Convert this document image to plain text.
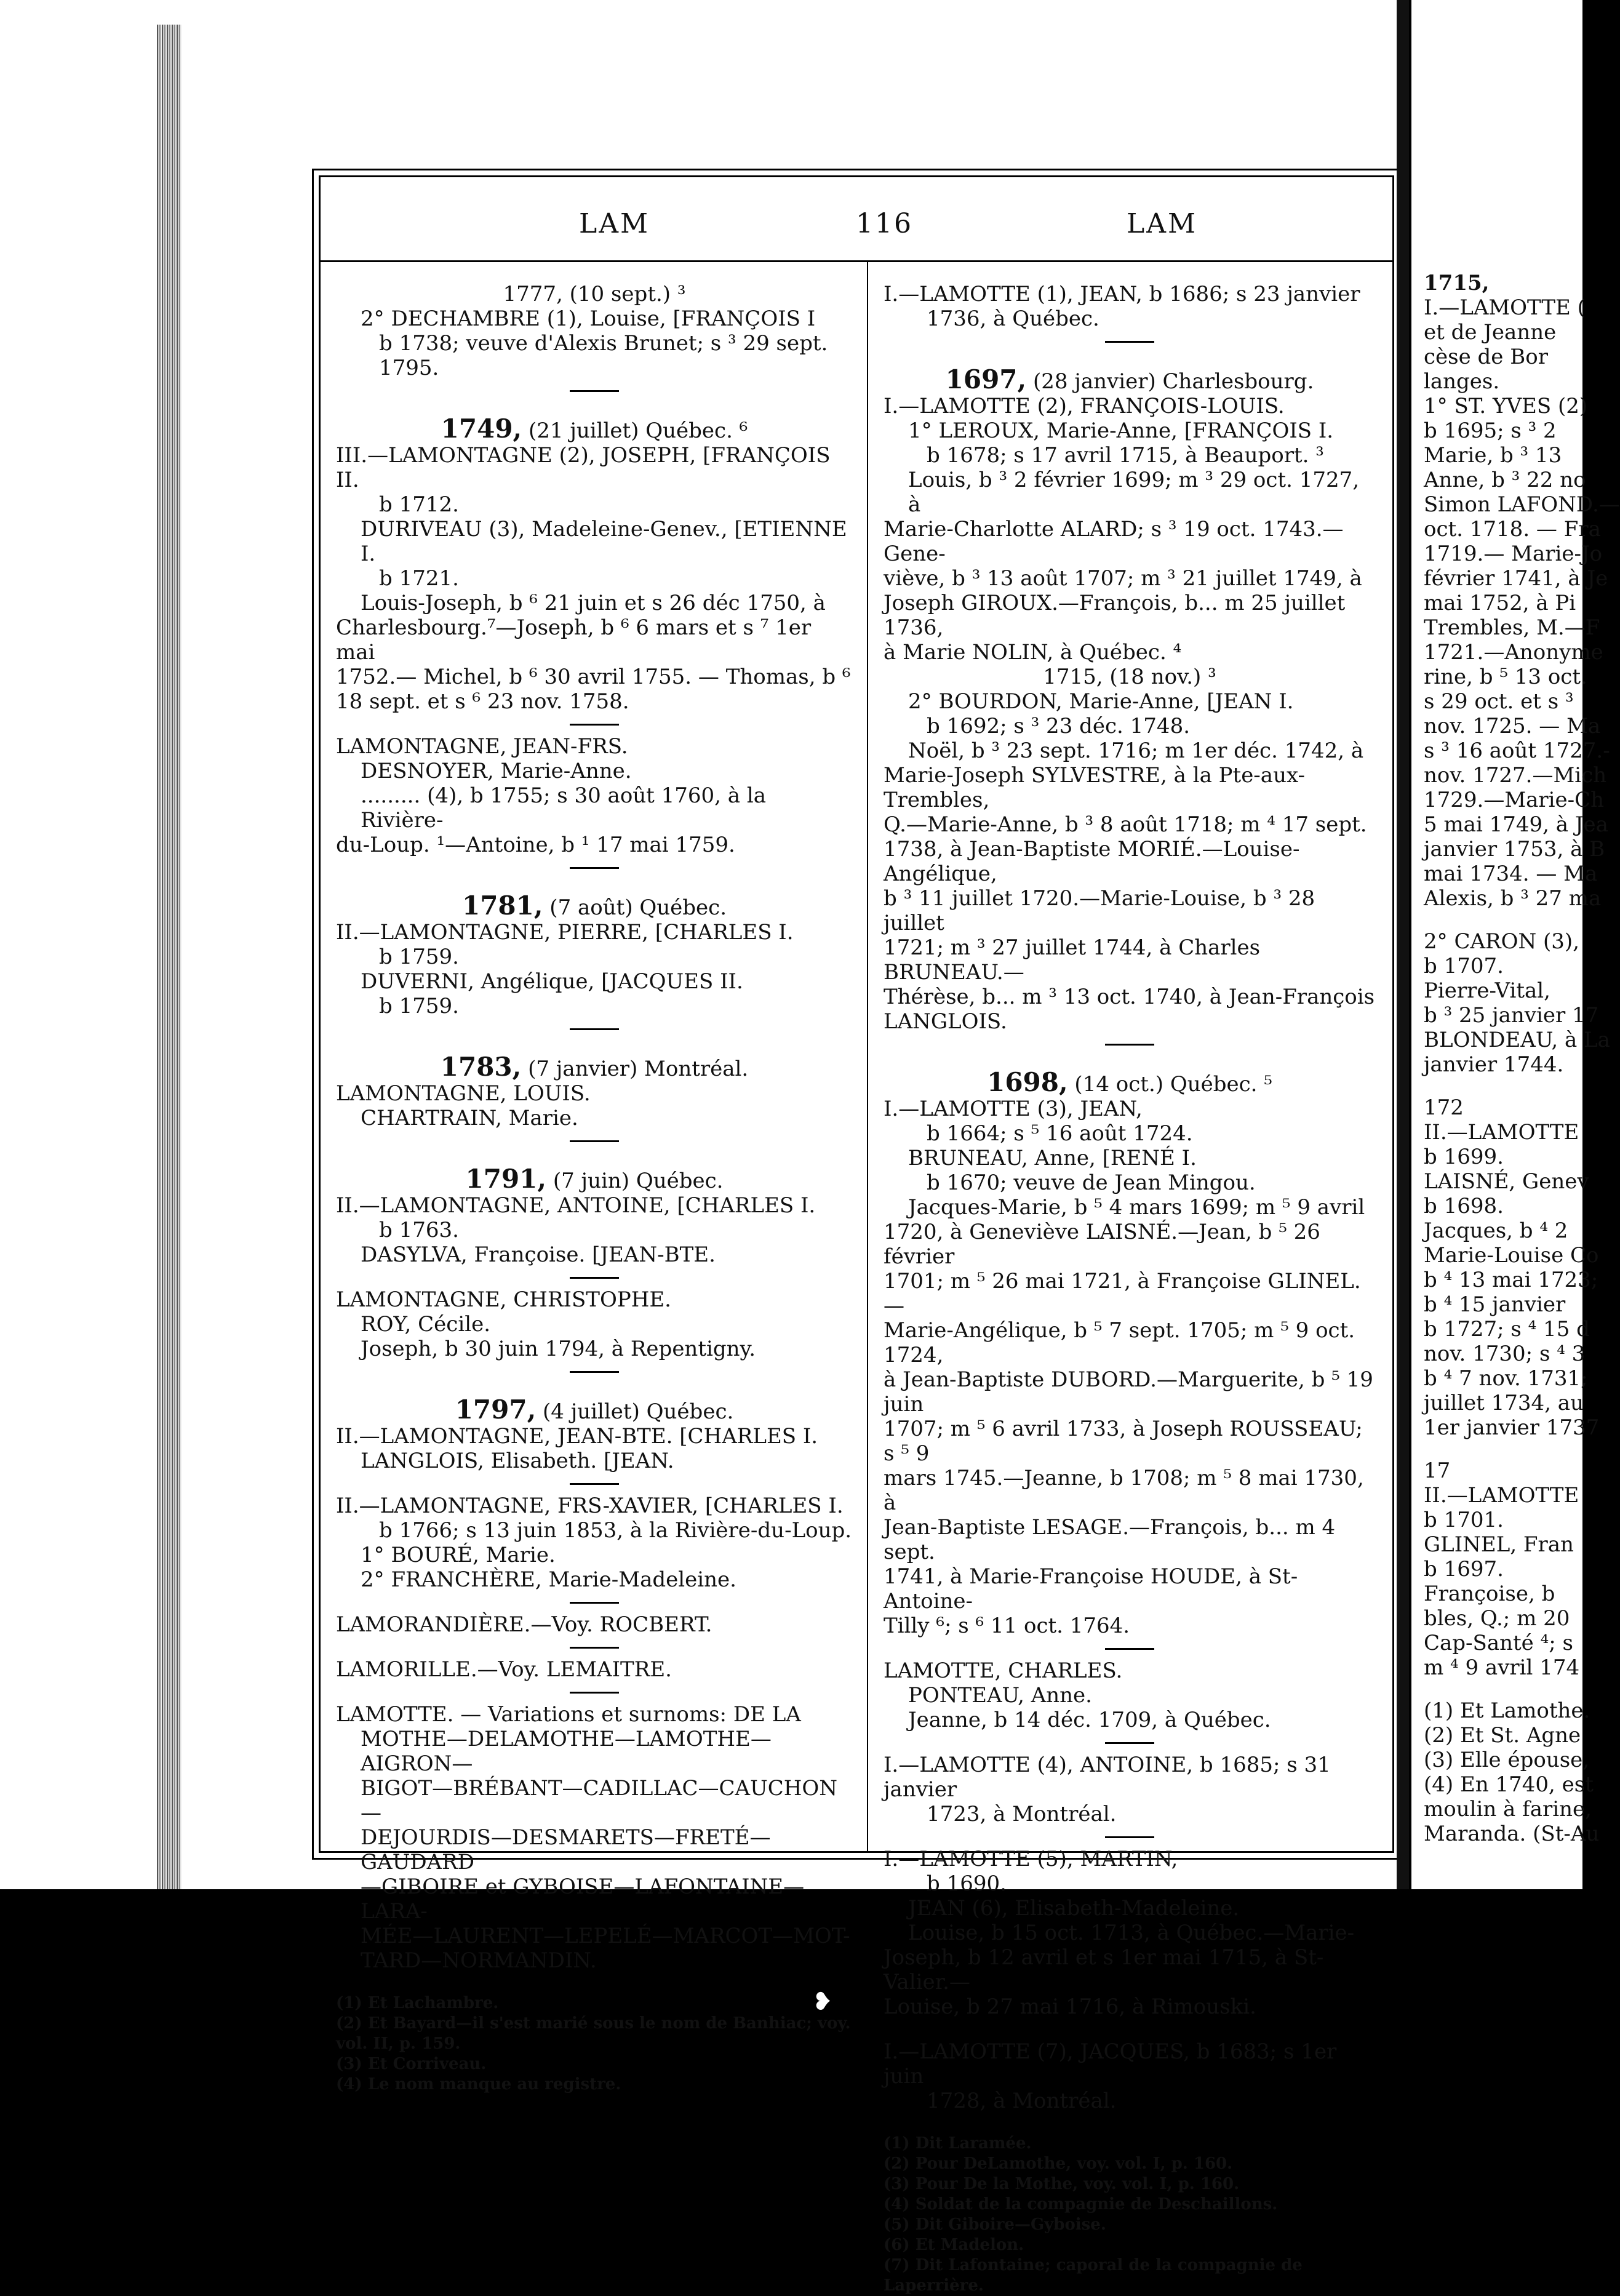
LAM	116	LAM

1777, (10 sept.) ³

2° DECHAMBRE (1), Louise, [FRANÇOIS I

b 1738; veuve d'Alexis Brunet; s ³ 29 sept.

1795.

1749, (21 juillet) Québec. ⁶

III.—LAMONTAGNE (2), JOSEPH, [FRANÇOIS II.

b 1712.

DURIVEAU (3), Madeleine-Genev., [ETIENNE I.

b 1721.

Louis-Joseph, b ⁶ 21 juin et s 26 déc 1750, à

Charlesbourg.⁷—Joseph, b ⁶ 6 mars et s ⁷ 1er mai

1752.— Michel, b ⁶ 30 avril 1755. — Thomas, b ⁶

18 sept. et s ⁶ 23 nov. 1758.

LAMONTAGNE, JEAN-FRS.

DESNOYER, Marie-Anne.

......... (4), b 1755; s 30 août 1760, à la Rivière-

du-Loup. ¹—Antoine, b ¹ 17 mai 1759.

1781, (7 août) Québec.

II.—LAMONTAGNE, PIERRE, [CHARLES I.

b 1759.

DUVERNI, Angélique, [JACQUES II.

b 1759.

1783, (7 janvier) Montréal.

LAMONTAGNE, LOUIS.

CHARTRAIN, Marie.

1791, (7 juin) Québec.

II.—LAMONTAGNE, ANTOINE, [CHARLES I.

b 1763.

DASYLVA, Françoise. [JEAN-BTE.

LAMONTAGNE, CHRISTOPHE.

ROY, Cécile.

Joseph, b 30 juin 1794, à Repentigny.

1797, (4 juillet) Québec.

II.—LAMONTAGNE, JEAN-BTE. [CHARLES I.

LANGLOIS, Elisabeth. [JEAN.

II.—LAMONTAGNE, FRS-XAVIER, [CHARLES I.

b 1766; s 13 juin 1853, à la Rivière-du-Loup.

1° BOURÉ, Marie.

2° FRANCHÈRE, Marie-Madeleine.

LAMORANDIÈRE.—Voy. ROCBERT.

LAMORILLE.—Voy. LEMAITRE.

LAMOTTE. — Variations et surnoms: DE LA

MOTHE—DELAMOTHE—LAMOTHE—AIGRON—

BIGOT—BRÉBANT—CADILLAC—CAUCHON—

DEJOURDIS—DESMARETS—FRETÉ—GAUDARD

—GIBOIRE et GYBOISE—LAFONTAINE—LARA-

MÉE—LAURENT—LEPELÉ—MARCOT—MOT-

TARD—NORMANDIN.

(1) Et Lachambre.

(2) Et Bayard—il s'est marié sous le nom de Banhiac; voy. vol. II, p. 159.

(3) Et Corriveau.

(4) Le nom manque au registre.

I.—LAMOTTE (1), JEAN, b 1686; s 23 janvier

1736, à Québec.

1697, (28 janvier) Charlesbourg.

I.—LAMOTTE (2), FRANÇOIS-LOUIS.

1° LEROUX, Marie-Anne, [FRANÇOIS I.

b 1678; s 17 avril 1715, à Beauport. ³

Louis, b ³ 2 février 1699; m ³ 29 oct. 1727, à

Marie-Charlotte ALARD; s ³ 19 oct. 1743.—Gene-

viève, b ³ 13 août 1707; m ³ 21 juillet 1749, à

Joseph GIROUX.—François, b... m 25 juillet 1736,

à Marie NOLIN, à Québec. ⁴

1715, (18 nov.) ³

2° BOURDON, Marie-Anne, [JEAN I.

b 1692; s ³ 23 déc. 1748.

Noël, b ³ 23 sept. 1716; m 1er déc. 1742, à

Marie-Joseph SYLVESTRE, à la Pte-aux-Trembles,

Q.—Marie-Anne, b ³ 8 août 1718; m ⁴ 17 sept.

1738, à Jean-Baptiste MORIÉ.—Louise-Angélique,

b ³ 11 juillet 1720.—Marie-Louise, b ³ 28 juillet

1721; m ³ 27 juillet 1744, à Charles BRUNEAU.—

Thérèse, b... m ³ 13 oct. 1740, à Jean-François

LANGLOIS.

1698, (14 oct.) Québec. ⁵

I.—LAMOTTE (3), JEAN,

b 1664; s ⁵ 16 août 1724.

BRUNEAU, Anne, [RENÉ I.

b 1670; veuve de Jean Mingou.

Jacques-Marie, b ⁵ 4 mars 1699; m ⁵ 9 avril

1720, à Geneviève LAISNÉ.—Jean, b ⁵ 26 février

1701; m ⁵ 26 mai 1721, à Françoise GLINEL.—

Marie-Angélique, b ⁵ 7 sept. 1705; m ⁵ 9 oct. 1724,

à Jean-Baptiste DUBORD.—Marguerite, b ⁵ 19 juin

1707; m ⁵ 6 avril 1733, à Joseph ROUSSEAU; s ⁵ 9

mars 1745.—Jeanne, b 1708; m ⁵ 8 mai 1730, à

Jean-Baptiste LESAGE.—François, b... m 4 sept.

1741, à Marie-Françoise HOUDE, à St-Antoine-

Tilly ⁶; s ⁶ 11 oct. 1764.

LAMOTTE, CHARLES.

PONTEAU, Anne.

Jeanne, b 14 déc. 1709, à Québec.

I.—LAMOTTE (4), ANTOINE, b 1685; s 31 janvier

1723, à Montréal.

I.—LAMOTTE (5), MARTIN,

b 1690.

JEAN (6), Elisabeth-Madeleine.

Louise, b 15 oct. 1713, à Québec.—Marie-

Joseph, b 12 avril et s 1er mai 1715, à St-Valier.—

Louise, b 27 mai 1716, à Rimouski.

I.—LAMOTTE (7), JACQUES, b 1683; s 1er juin

1728, à Montréal.

(1) Dit Laramée.

(2) Pour DeLamothe, voy. vol. I, p. 160.

(3) Pour De la Mothe, voy. vol. I, p. 160.

(4) Soldat de la compagnie de Deschaillons.

(5) Dit Giboire—Gyboise.

(6) Et Madelon.

(7) Dit Lafontaine; caporal de la compagnie de Laperrière.

1715,
I.—LAMOTTE (
et de Jeanne
cèse de Bor
langes.
1° ST. YVES (2)
b 1695; s ³ 2
Marie, b ³ 13
Anne, b ³ 22 no
Simon LAFOND.—
oct. 1718. — Fra
1719.— Marie-Jo
février 1741, à Je
mai 1752, à Pi
Trembles, M.—F
1721.—Anonyme
rine, b ⁵ 13 oct.
s 29 oct. et s ³
nov. 1725. — Ma
s ³ 16 août 1727.-
nov. 1727.—Mich
1729.—Marie-Ch
5 mai 1749, à Jea
janvier 1753, à B
mai 1734. — Ma
Alexis, b ³ 27 ma
2° CARON (3),
b 1707.
Pierre-Vital,
b ³ 25 janvier 17
BLONDEAU, à La
janvier 1744.
172
II.—LAMOTTE
b 1699.
LAISNÉ, Genev
b 1698.
Jacques, b ⁴ 2
Marie-Louise Co
b ⁴ 13 mai 1723;
b ⁴ 15 janvier
b 1727; s ⁴ 15 d
nov. 1730; s ⁴ 3
b ⁴ 7 nov. 1731;
juillet 1734, au
1er janvier 1737
17
II.—LAMOTTE
b 1701.
GLINEL, Fran
b 1697.
Françoise, b
bles, Q.; m 20
Cap-Santé ⁴; s
m ⁴ 9 avril 174
(1) Et Lamothe.
(2) Et St. Agne
(3) Elle épouse,
(4) En 1740, est
moulin à farine,
Maranda. (St-Au
❥
